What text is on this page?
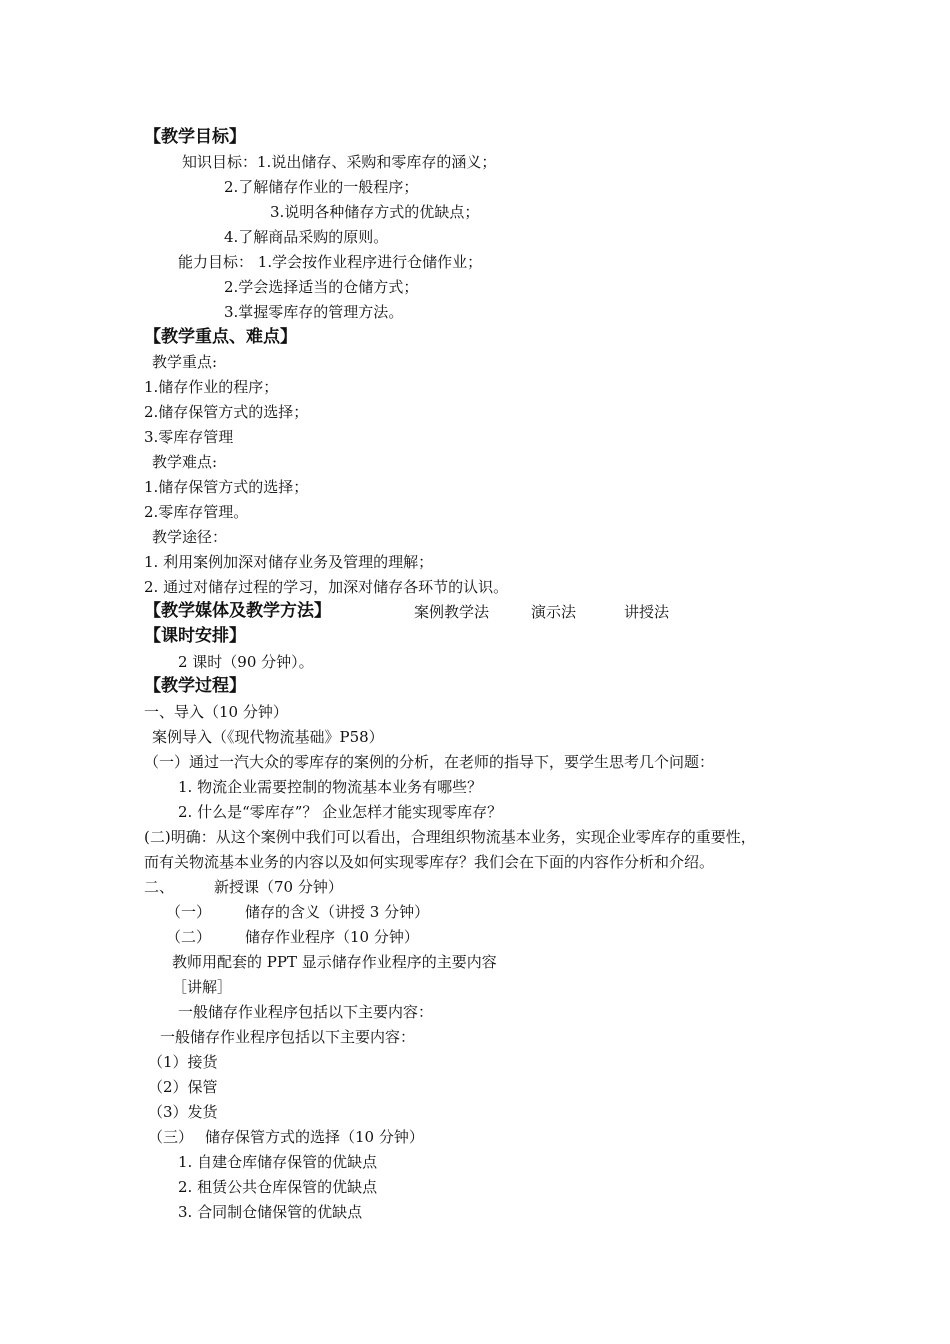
【教学目标】
知识目标：1.说出储存、采购和零库存的涵义；
2.了解储存作业的一般程序；
3.说明各种储存方式的优缺点；
4.了解商品采购的原则。
能力目标： 1.学会按作业程序进行仓储作业；
2.学会选择适当的仓储方式；
3.掌握零库存的管理方法。
【教学重点、难点】
教学重点:
1.储存作业的程序；
2.储存保管方式的选择；
3.零库存管理
教学难点:
1.储存保管方式的选择；
2.零库存管理。
教学途径：
1. 利用案例加深对储存业务及管理的理解；
2. 通过对储存过程的学习，加深对储存各环节的认识。
【教学媒体及教学方法】	案例教学法	演示法	讲授法
【课时安排】
2 课时（90 分钟）。
【教学过程】
一、导入（10 分钟）
案例导入（《现代物流基础》P58）
（一）通过一汽大众的零库存的案例的分析，在老师的指导下，要学生思考几个问题：
1. 物流企业需要控制的物流基本业务有哪些？
2. 什么是“零库存”？ 企业怎样才能实现零库存？
(二)明确：从这个案例中我们可以看出，合理组织物流基本业务，实现企业零库存的重要性，
而有关物流基本业务的内容以及如何实现零库存？我们会在下面的内容作分析和介绍。
二、	新授课（70 分钟）
（一） 储存的含义（讲授 3 分钟）
（二） 储存作业程序（10 分钟）
教师用配套的 PPT 显示储存作业程序的主要内容
［讲解］
一般储存作业程序包括以下主要内容：
一般储存作业程序包括以下主要内容：
（1）接货
（2）保管
（3）发货
（三） 储存保管方式的选择（10 分钟）
1. 自建仓库储存保管的优缺点
2. 租赁公共仓库保管的优缺点
3. 合同制仓储保管的优缺点
